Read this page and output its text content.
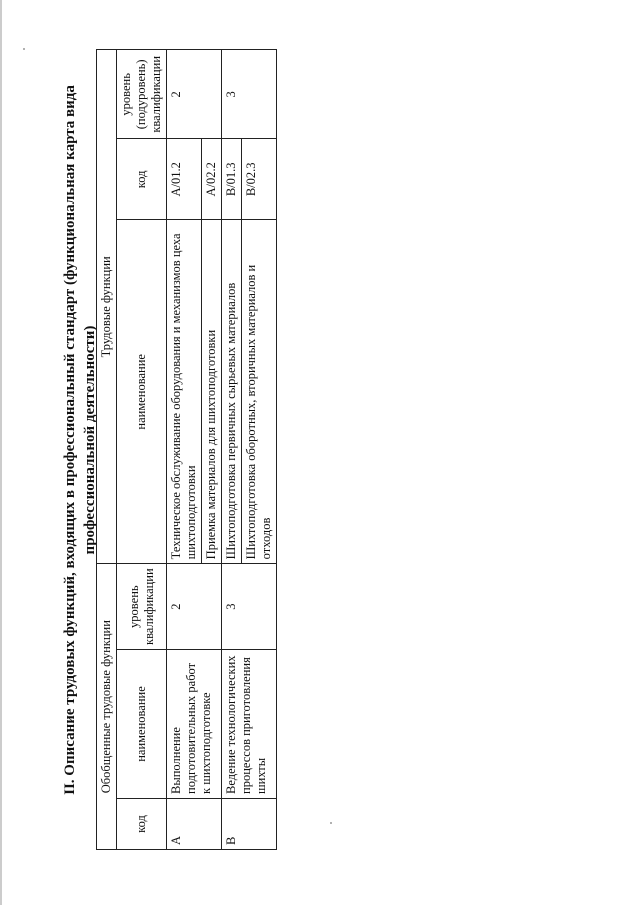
II. Описание трудовых функций, входящих в профессиональный стандарт (функциональная карта вида профессиональной деятельности)
Обобщенные трудовые функции			Трудовые функции		
код	наименование	уровень квалификации	наименование	код	уровень (подуровень) квалификации
A	Выполнение подготовительных работ к шихтоподготовке	2	Техническое обслуживание оборудования и механизмов цеха шихтоподготовки	A/01.2	2
			Приемка материалов для шихтоподготовки	A/02.2	
B	Ведение технологических процессов приготовления шихты	3	Шихтоподготовка первичных сырьевых материалов	B/01.3	3
			Шихтоподготовка оборотных, вторичных материалов и отходов	B/02.3	
